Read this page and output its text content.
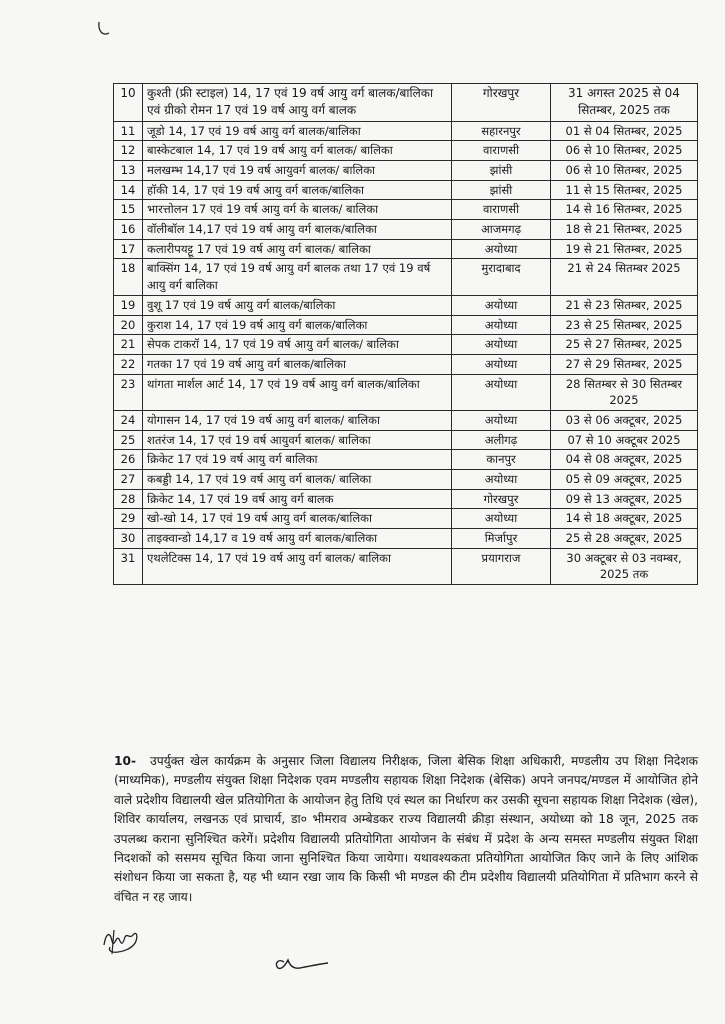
10	कुश्ती (फ्री स्टाइल) 14, 17 एवं 19 वर्ष आयु वर्ग बालक/बालिका एवं ग्रीको रोमन 17 एवं 19 वर्ष आयु वर्ग बालक	गोरखपुर	31 अगस्त 2025 से 04 सितम्बर, 2025 तक
11	जूडो 14, 17 एवं 19 वर्ष आयु वर्ग बालक/बालिका	सहारनपुर	01 से 04 सितम्बर, 2025
12	बास्केटबाल 14, 17 एवं 19 वर्ष आयु वर्ग बालक/ बालिका	वाराणसी	06 से 10 सितम्बर, 2025
13	मलखम्भ 14,17 एवं 19 वर्ष आयुवर्ग बालक/ बालिका	झांसी	06 से 10 सितम्बर, 2025
14	हॉकी 14, 17 एवं 19 वर्ष आयु वर्ग बालक/बालिका	झांसी	11 से 15 सितम्बर, 2025
15	भारत्तोलन 17 एवं 19 वर्ष आयु वर्ग के बालक/ बालिका	वाराणसी	14 से 16 सितम्बर, 2025
16	वॉलीबॉल 14,17 एवं 19 वर्ष आयु वर्ग बालक/बालिका	आजमगढ़	18 से 21 सितम्बर, 2025
17	कलारीपयट्टू 17 एवं 19 वर्ष आयु वर्ग बालक/ बालिका	अयोध्या	19 से 21 सितम्बर, 2025
18	बाक्सिंग 14, 17 एवं 19 वर्ष आयु वर्ग बालक तथा 17 एवं 19 वर्ष आयु वर्ग बालिका	मुरादाबाद	21 से 24 सितम्बर 2025
19	वुशू 17 एवं 19 वर्ष आयु वर्ग बालक/बालिका	अयोध्या	21 से 23 सितम्बर, 2025
20	कुराश 14, 17 एवं 19 वर्ष आयु वर्ग बालक/बालिका	अयोध्या	23 से 25 सितम्बर, 2025
21	सेपक टाकरॉ 14, 17 एवं 19 वर्ष आयु वर्ग बालक/ बालिका	अयोध्या	25 से 27 सितम्बर, 2025
22	गतका 17 एवं 19 वर्ष आयु वर्ग बालक/बालिका	अयोध्या	27 से 29 सितम्बर, 2025
23	थांगता मार्शल आर्ट 14, 17 एवं 19 वर्ष आयु वर्ग बालक/बालिका	अयोध्या	28 सितम्बर से 30 सितम्बर 2025
24	योगासन 14, 17 एवं 19 वर्ष आयु वर्ग बालक/ बालिका	अयोध्या	03 से 06 अक्टूबर, 2025
25	शतरंज 14, 17 एवं 19 वर्ष आयुवर्ग बालक/ बालिका	अलीगढ़	07 से 10 अक्टूबर 2025
26	क्रिकेट 17 एवं 19 वर्ष आयु वर्ग बालिका	कानपुर	04 से 08 अक्टूबर, 2025
27	कबड्डी 14, 17 एवं 19 वर्ष आयु वर्ग बालक/ बालिका	अयोध्या	05 से 09 अक्टूबर, 2025
28	क्रिकेट 14, 17 एवं 19 वर्ष आयु वर्ग बालक	गोरखपुर	09 से 13 अक्टूबर, 2025
29	खो-खो 14, 17 एवं 19 वर्ष आयु वर्ग बालक/बालिका	अयोध्या	14 से 18 अक्टूबर, 2025
30	ताइक्वान्डो 14,17 व 19 वर्ष आयु वर्ग बालक/बालिका	मिर्जापुर	25 से 28 अक्टूबर, 2025
31	एथलेटिक्स 14, 17 एवं 19 वर्ष आयु वर्ग बालक/ बालिका	प्रयागराज	30 अक्टूबर से 03 नवम्बर, 2025 तक
10- उपर्युक्त खेल कार्यक्रम के अनुसार जिला विद्यालय निरीक्षक, जिला बेसिक शिक्षा अधिकारी, मण्डलीय उप शिक्षा निदेशक (माध्यमिक), मण्डलीय संयुक्त शिक्षा निदेशक एवम मण्डलीय सहायक शिक्षा निदेशक (बेसिक) अपने जनपद/मण्डल में आयोजित होने वाले प्रदेशीय विद्यालयी खेल प्रतियोगिता के आयोजन हेतु तिथि एवं स्थल का निर्धारण कर उसकी सूचना सहायक शिक्षा निदेशक (खेल), शिविर कार्यालय, लखनऊ एवं प्राचार्य, डा० भीमराव अम्बेडकर राज्य विद्यालयी क्रीड़ा संस्थान, अयोध्या को 18 जून, 2025 तक उपलब्ध कराना सुनिश्चित करेगें। प्रदेशीय विद्यालयी प्रतियोगिता आयोजन के संबंध में प्रदेश के अन्य समस्त मण्डलीय संयुक्त शिक्षा निदशकों को ससमय सूचित किया जाना सुनिश्चित किया जायेगा। यथावश्यकता प्रतियोगिता आयोजित किए जाने के लिए आंशिक संशोधन किया जा सकता है, यह भी ध्यान रखा जाय कि किसी भी मण्डल की टीम प्रदेशीय विद्यालयी प्रतियोगिता में प्रतिभाग करने से वंचित न रह जाय।
